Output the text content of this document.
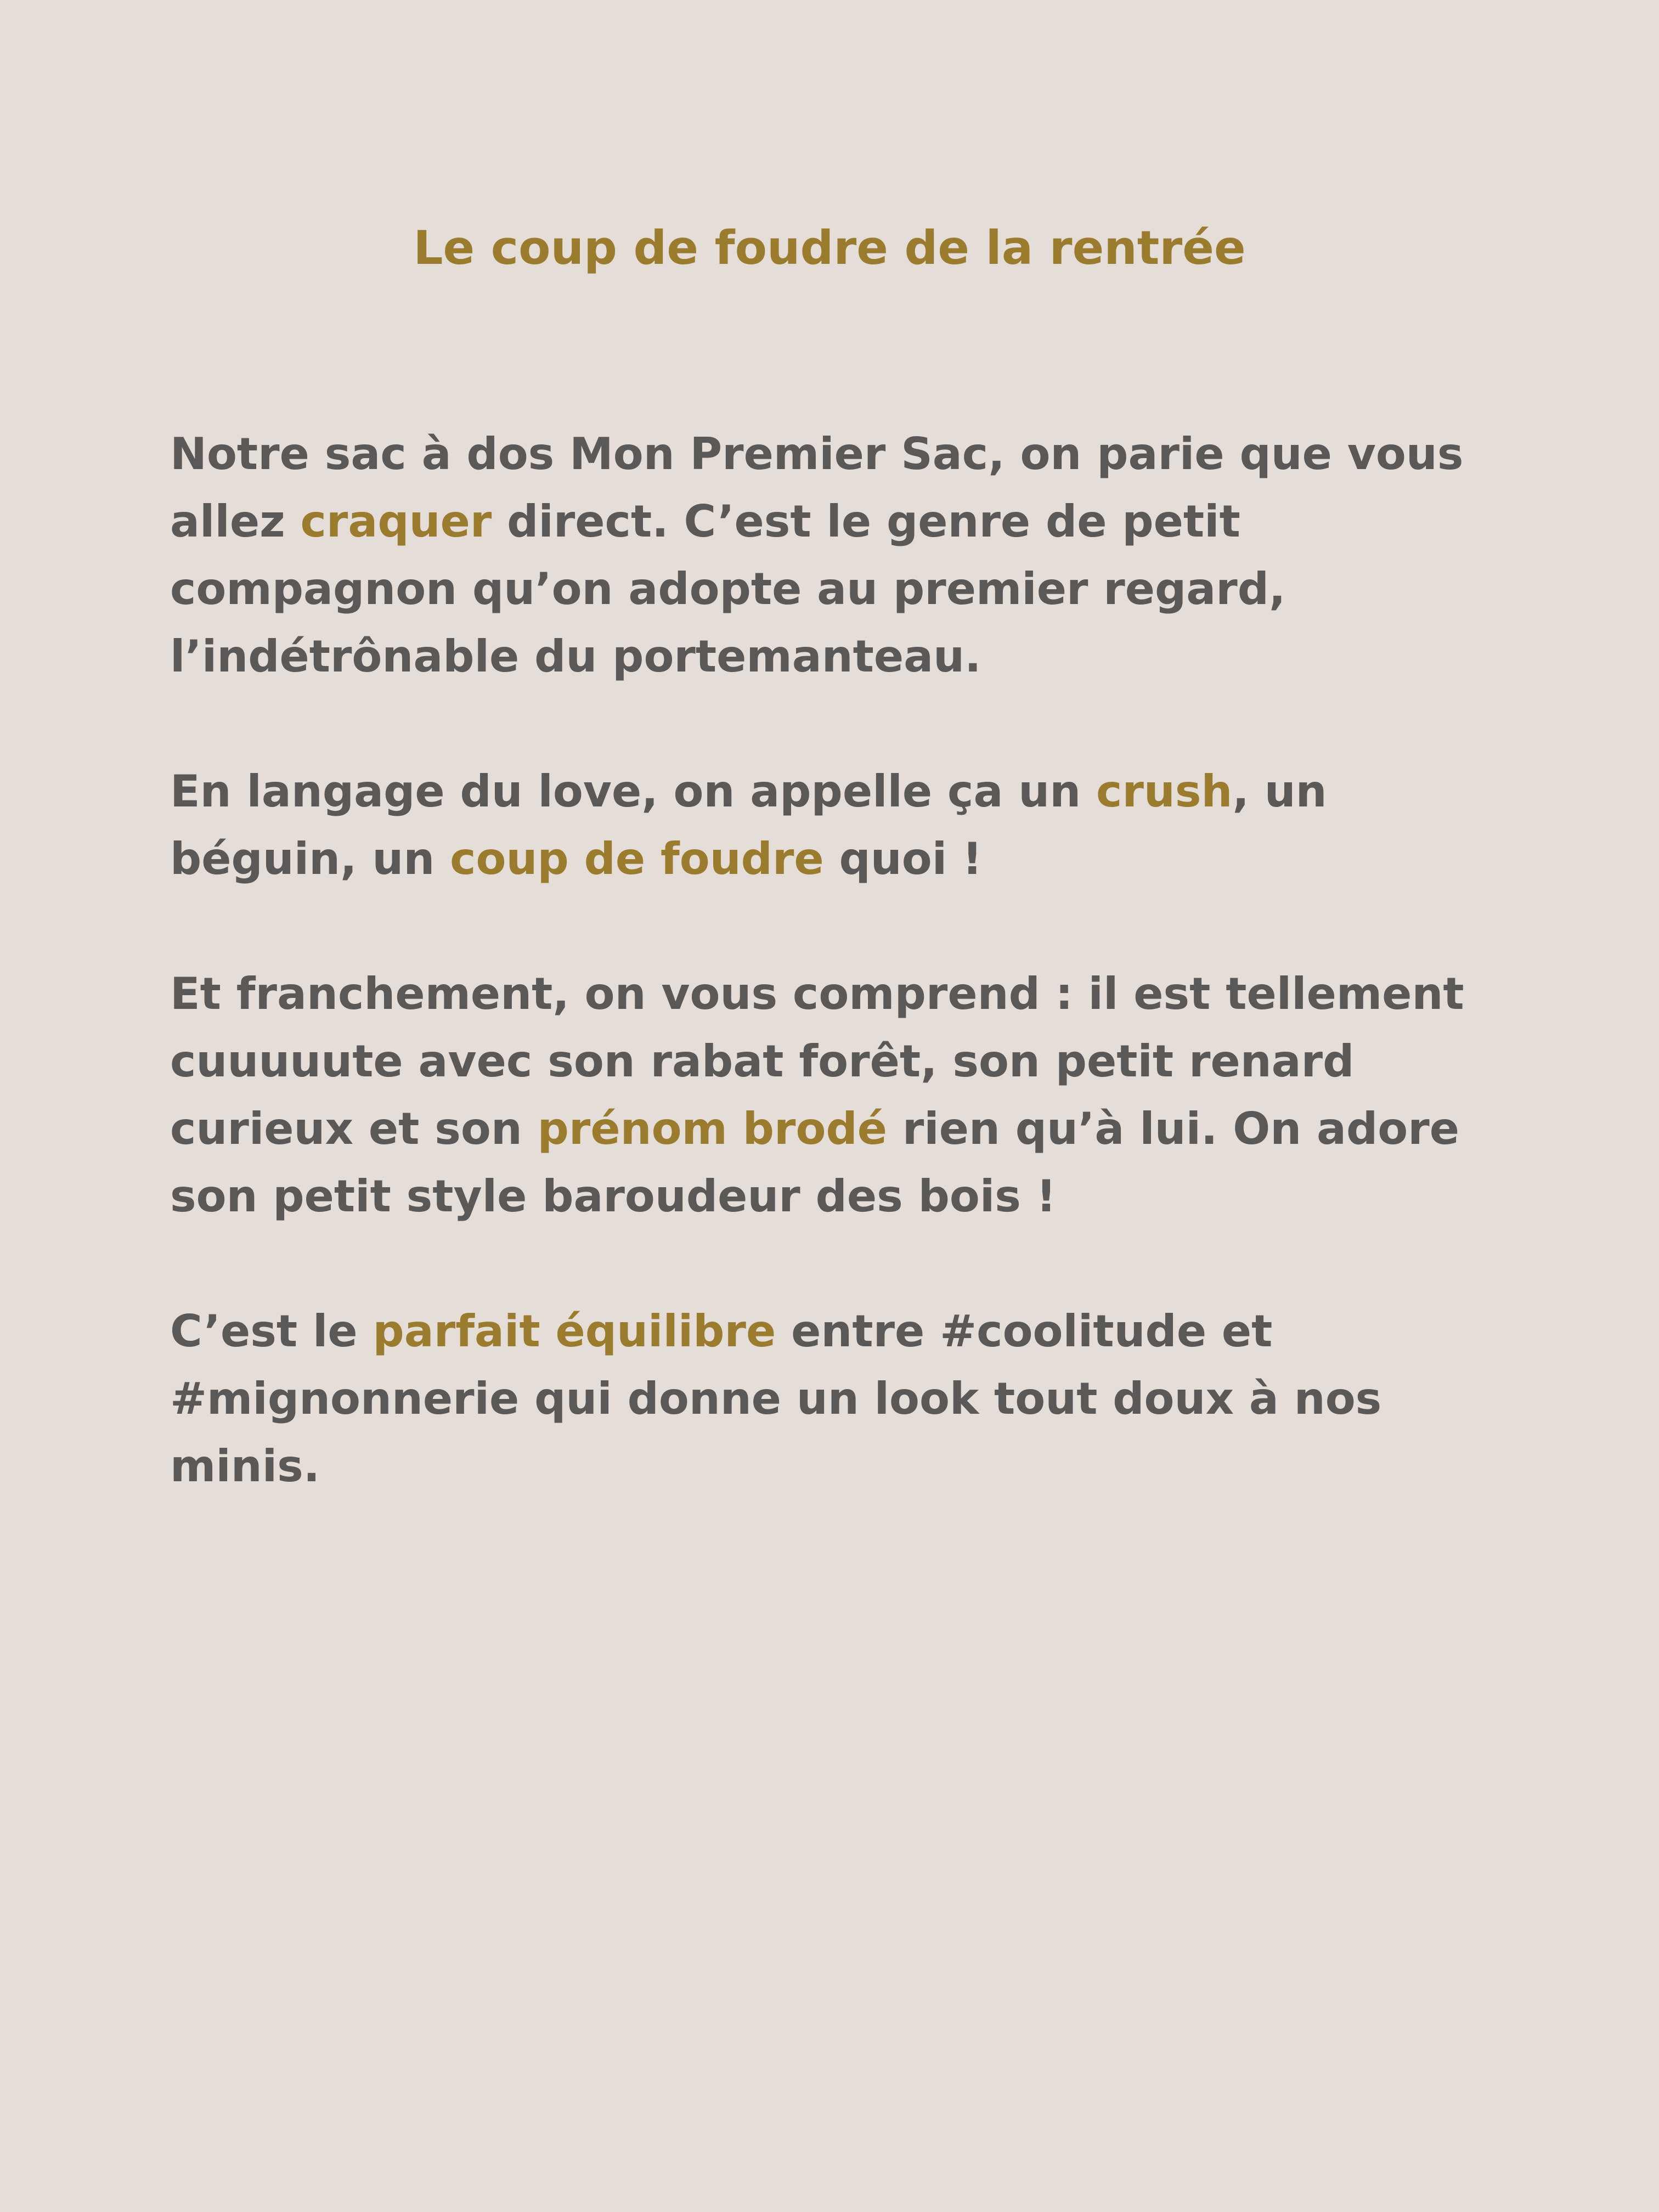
Le coup de foudre de la rentrée

Notre sac à dos Mon Premier Sac, on parie que vous allez craquer direct. C’est le genre de petit compagnon qu’on adopte au premier regard, l’indétrônable du portemanteau.

En langage du love, on appelle ça un crush, un béguin, un coup de foudre quoi !

Et franchement, on vous comprend : il est tellement cuuuuute avec son rabat forêt, son petit renard curieux et son prénom brodé rien qu’à lui. On adore son petit style baroudeur des bois !

C’est le parfait équilibre entre #coolitude et #mignonnerie qui donne un look tout doux à nos minis.
